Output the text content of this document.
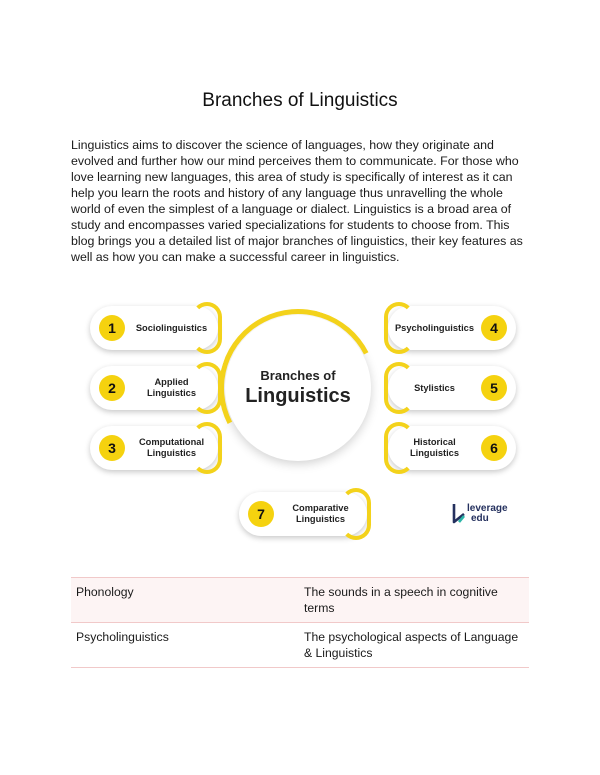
Branches of Linguistics

Linguistics aims to discover the science of languages, how they originate and evolved and further how our mind perceives them to communicate. For those who love learning new languages, this area of study is specifically of interest as it can help you learn the roots and history of any language thus unravelling the whole world of even the simplest of a language or dialect. Linguistics is a broad area of study and encompasses varied specializations for students to choose from. This blog brings you a detailed list of major branches of linguistics, their key features as well as how you can make a successful career in linguistics.

Branches of
Linguistics
1	Sociolinguistics
2	Applied Linguistics
3	Computational Linguistics
4
Psycholinguistics
5
Stylistics
6
Historical Linguistics
7	Comparative Linguistics
leverage
edu
Phonology	The sounds in a speech in cognitive terms
Psycholinguistics	The psychological aspects of Language & Linguistics
